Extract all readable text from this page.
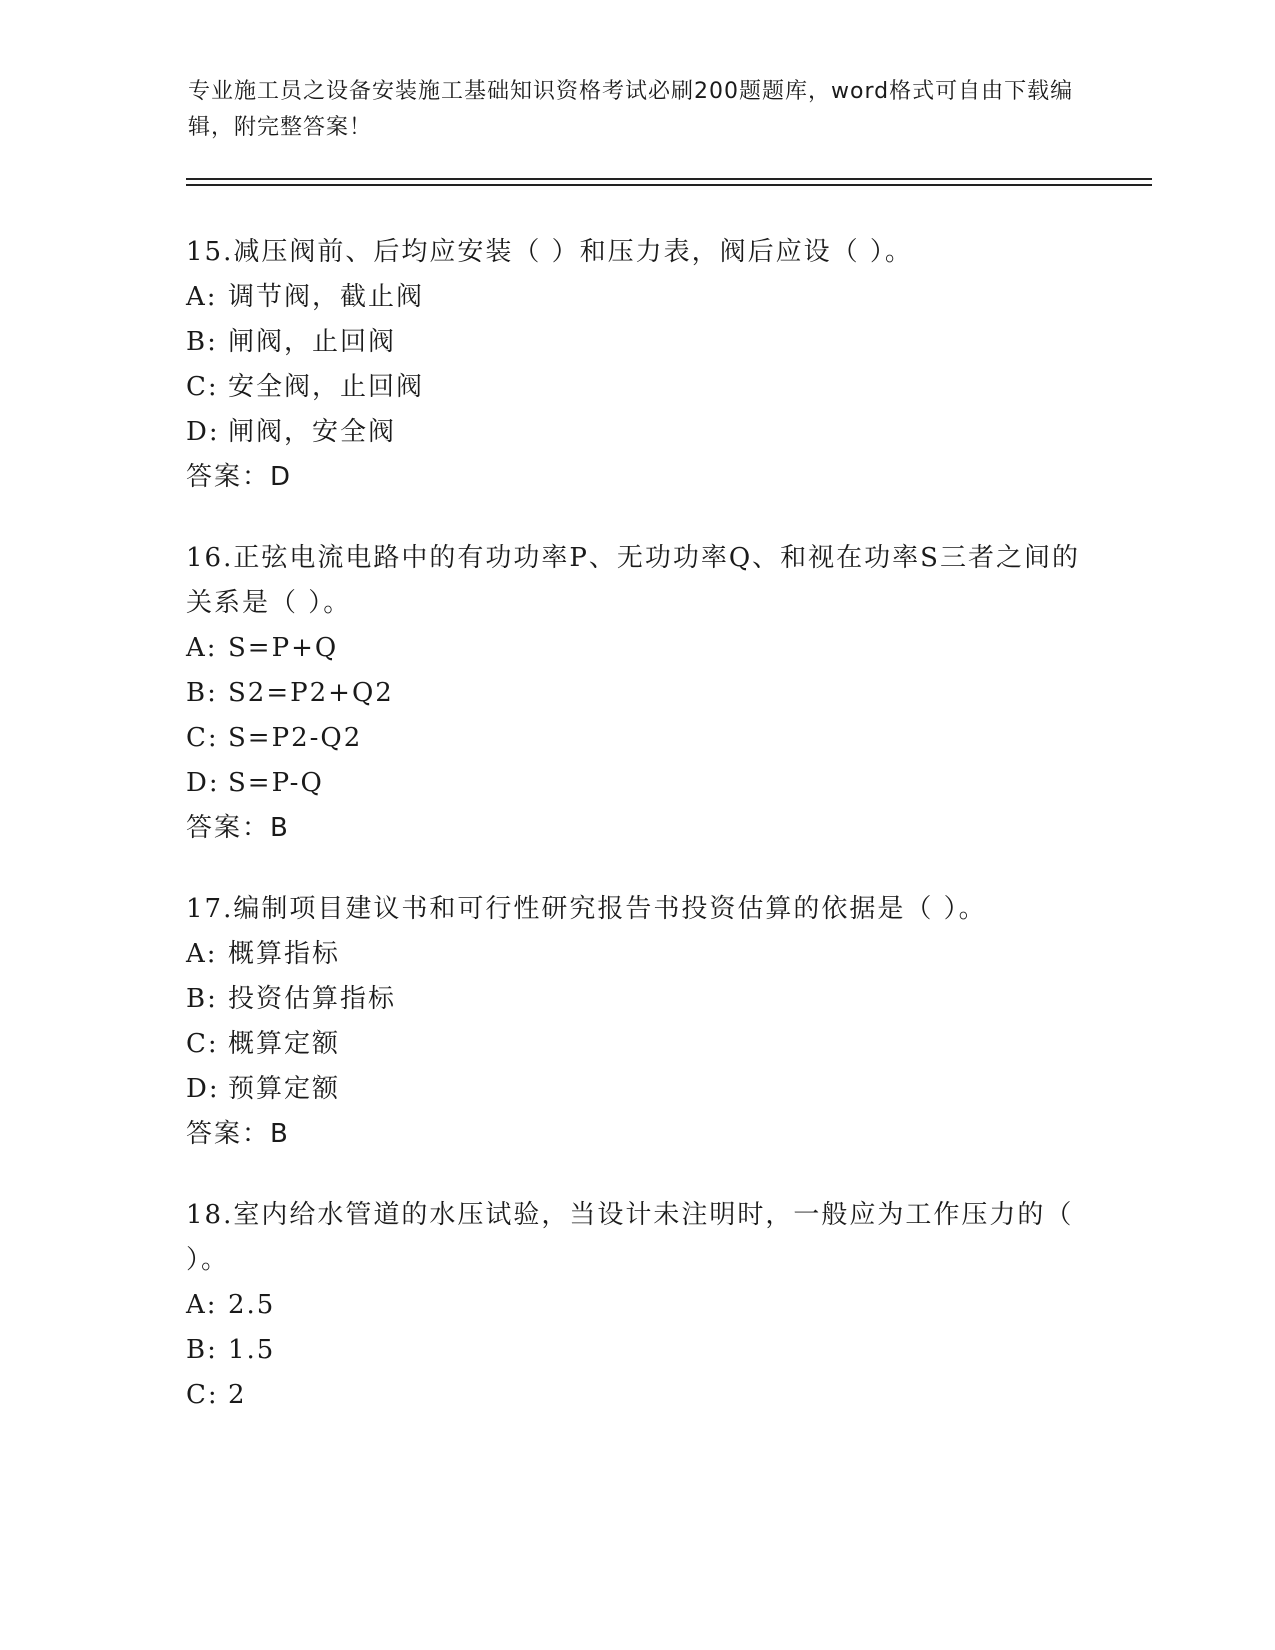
专业施工员之设备安装施工基础知识资格考试必刷200题题库，word格式可自由下载编辑，附完整答案！

15.减压阀前、后均应安装（ ）和压力表，阀后应设（ ）。

A: 调节阀，截止阀

B: 闸阀，止回阀

C: 安全阀，止回阀

D: 闸阀，安全阀

答案：D

16.正弦电流电路中的有功功率P、无功功率Q、和视在功率S三者之间的关系是（ ）。

A: S=P+Q

B: S2=P2+Q2

C: S=P2-Q2

D: S=P-Q

答案：B

17.编制项目建议书和可行性研究报告书投资估算的依据是（ ）。

A: 概算指标

B: 投资估算指标

C: 概算定额

D: 预算定额

答案：B

18.室内给水管道的水压试验，当设计未注明时，一般应为工作压力的（ ）。

A: 2.5

B: 1.5

C: 2
